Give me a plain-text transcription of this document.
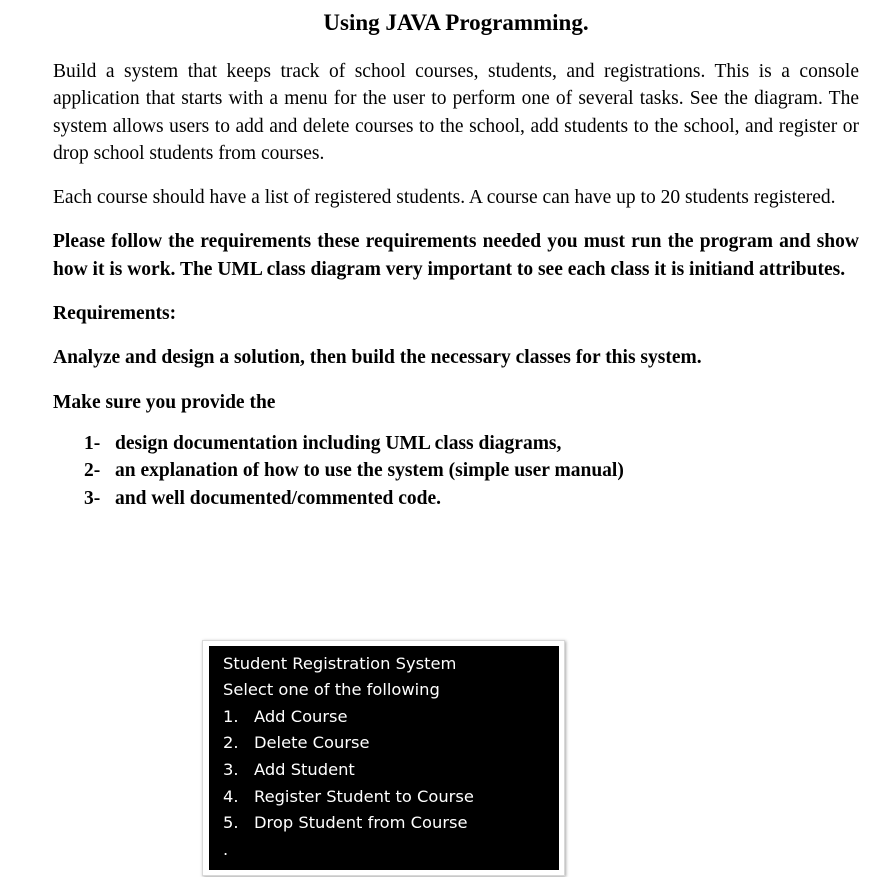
Using JAVA Programming.

Build a system that keeps track of school courses, students, and registrations. This is a console application that starts with a menu for the user to perform one of several tasks. See the diagram. The system allows users to add and delete courses to the school, add students to the school, and register or drop school students from courses.

Each course should have a list of registered students. A course can have up to 20 students registered.

Please follow the requirements these requirements needed you must run the program and show how it is work. The UML class diagram very important to see each class it is initiand attributes.

Requirements:

Analyze and design a solution, then build the necessary classes for this system.

Make sure you provide the

1- design documentation including UML class diagrams,
2- an explanation of how to use the system (simple user manual)
3- and well documented/commented code.
Student Registration System
Select one of the following
1. Add Course
2. Delete Course
3. Add Student
4. Register Student to Course
5. Drop Student from Course
.
